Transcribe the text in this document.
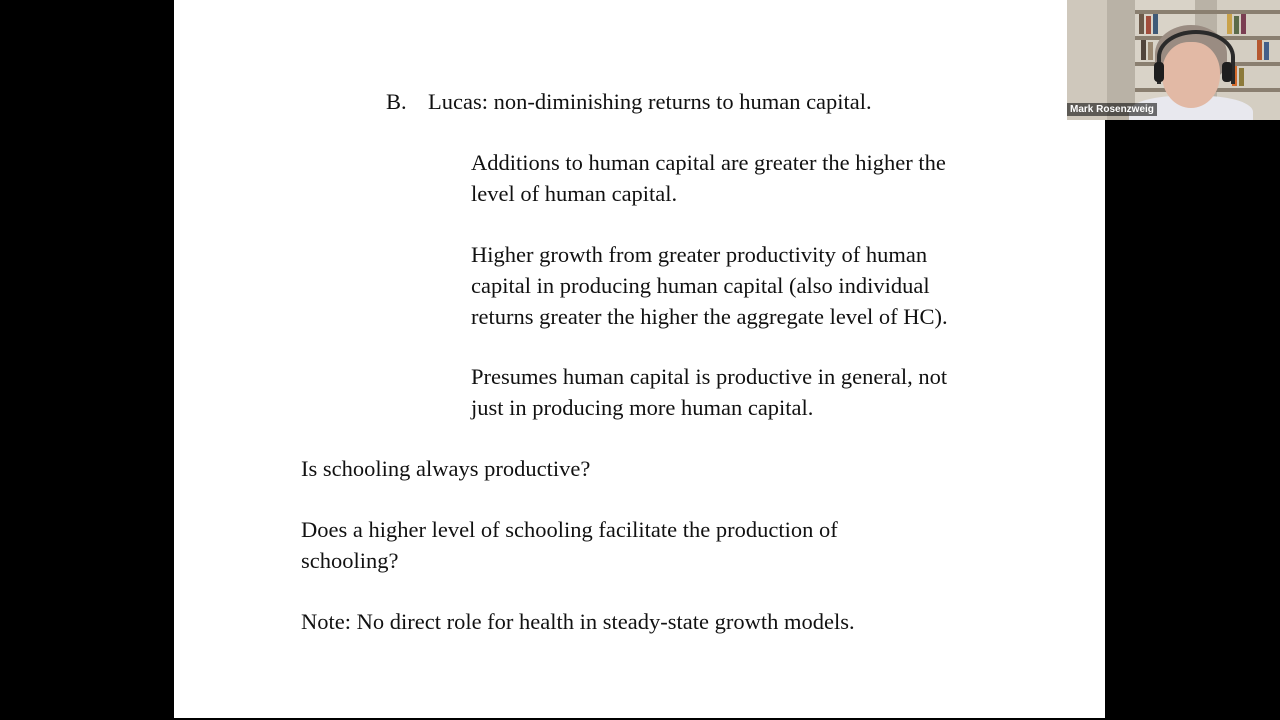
B. Lucas: non-diminishing returns to human capital.

Additions to human capital are greater the higher the

level of human capital.

Higher growth from greater productivity of human

capital in producing human capital (also individual

returns greater the higher the aggregate level of HC).

Presumes human capital is productive in general, not

just in producing more human capital.

Is schooling always productive?

Does a higher level of schooling facilitate the production of

schooling?

Note: No direct role for health in steady-state growth models.

Mark Rosenzweig
